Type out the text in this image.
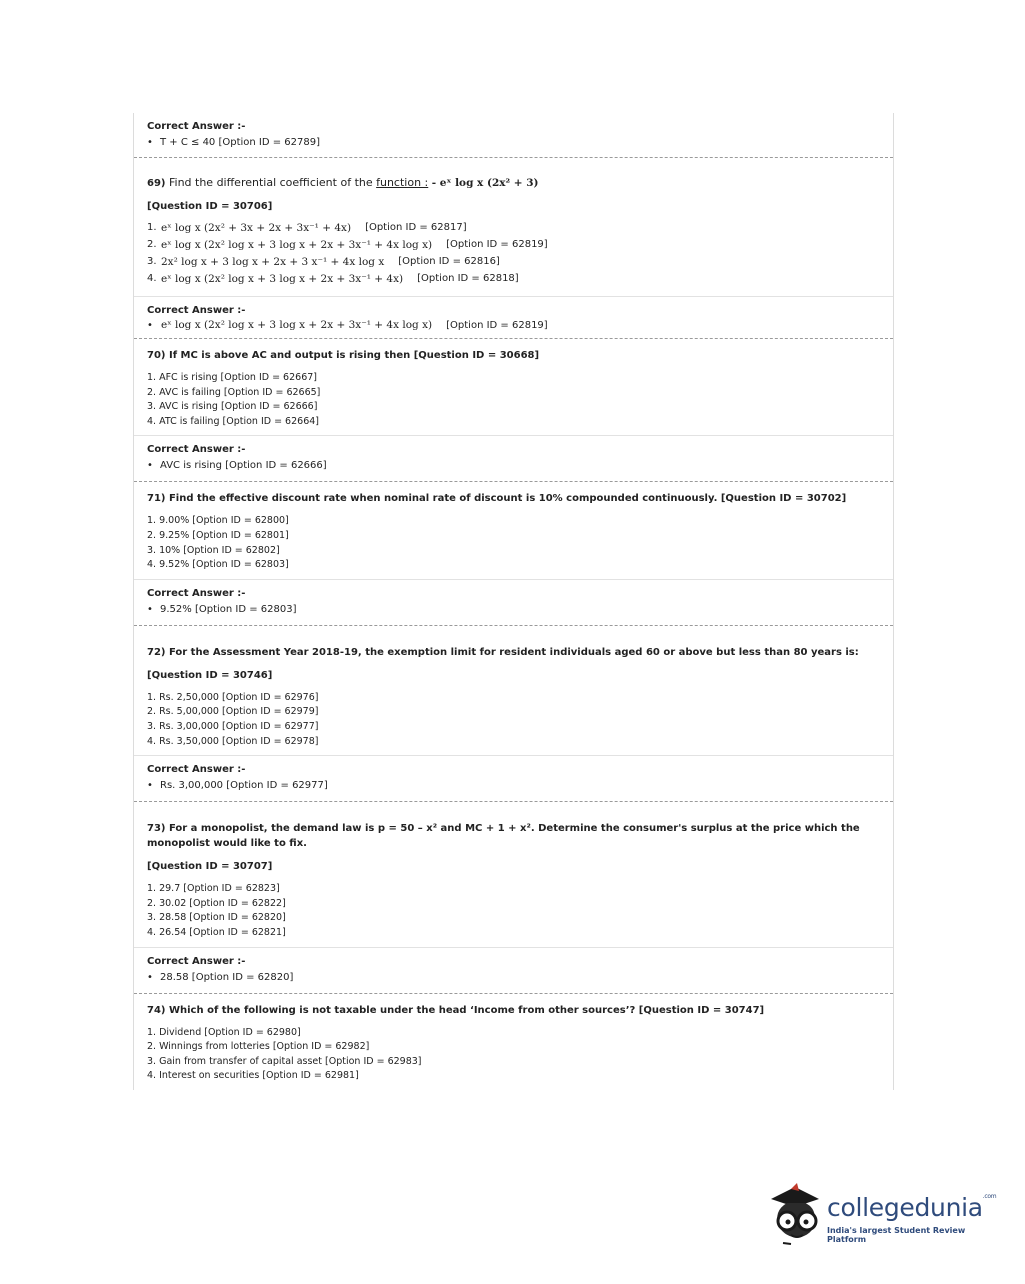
Correct Answer :-
• T + C ≤ 40 [Option ID = 62789]
69) Find the differential coefficient of the function : - eˣ log x (2x² + 3)
[Question ID = 30706]
1. eˣ log x (2x² + 3x + 2x + 3x⁻¹ + 4x) [Option ID = 62817]
2. eˣ log x (2x² log x + 3 log x + 2x + 3x⁻¹ + 4x log x) [Option ID = 62819]
3. 2x² log x + 3 log x + 2x + 3 x⁻¹ + 4x log x [Option ID = 62816]
4. eˣ log x (2x² log x + 3 log x + 2x + 3x⁻¹ + 4x) [Option ID = 62818]
Correct Answer :-
• eˣ log x (2x² log x + 3 log x + 2x + 3x⁻¹ + 4x log x) [Option ID = 62819]
70) If MC is above AC and output is rising then [Question ID = 30668]
1. AFC is rising [Option ID = 62667]
2. AVC is failing [Option ID = 62665]
3. AVC is rising [Option ID = 62666]
4. ATC is failing [Option ID = 62664]
Correct Answer :-
• AVC is rising [Option ID = 62666]
71) Find the effective discount rate when nominal rate of discount is 10% compounded continuously. [Question ID = 30702]
1. 9.00% [Option ID = 62800]
2. 9.25% [Option ID = 62801]
3. 10% [Option ID = 62802]
4. 9.52% [Option ID = 62803]
Correct Answer :-
• 9.52% [Option ID = 62803]
72) For the Assessment Year 2018-19, the exemption limit for resident individuals aged 60 or above but less than 80 years is:
[Question ID = 30746]
1. Rs. 2,50,000 [Option ID = 62976]
2. Rs. 5,00,000 [Option ID = 62979]
3. Rs. 3,00,000 [Option ID = 62977]
4. Rs. 3,50,000 [Option ID = 62978]
Correct Answer :-
• Rs. 3,00,000 [Option ID = 62977]
73) For a monopolist, the demand law is p = 50 – x² and MC + 1 + x². Determine the consumer's surplus at the price which the monopolist would like to fix.
[Question ID = 30707]
1. 29.7 [Option ID = 62823]
2. 30.02 [Option ID = 62822]
3. 28.58 [Option ID = 62820]
4. 26.54 [Option ID = 62821]
Correct Answer :-
• 28.58 [Option ID = 62820]
74) Which of the following is not taxable under the head ‘Income from other sources’? [Question ID = 30747]
1. Dividend [Option ID = 62980]
2. Winnings from lotteries [Option ID = 62982]
3. Gain from transfer of capital asset [Option ID = 62983]
4. Interest on securities [Option ID = 62981]
collegedunia$^{.com}$
India's largest Student Review Platform
